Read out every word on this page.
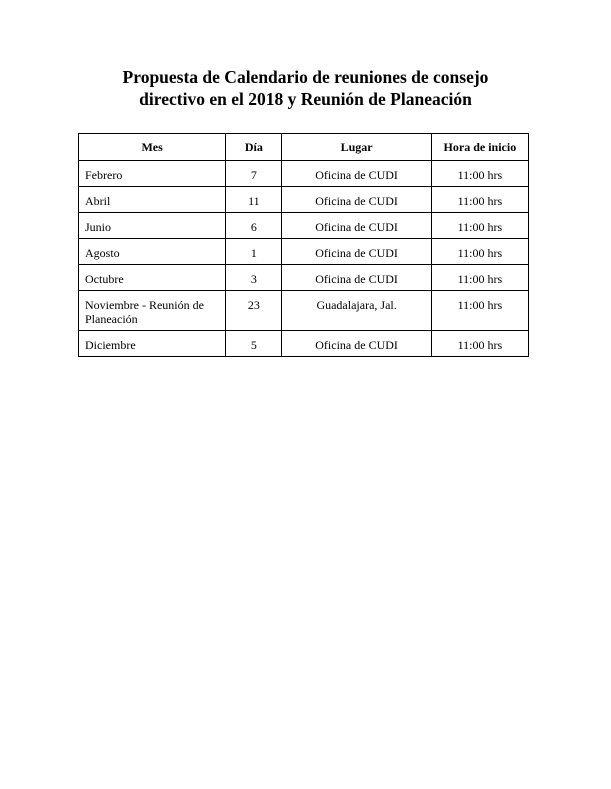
Propuesta de Calendario de reuniones de consejo
directivo en el 2018 y Reunión de Planeación
Mes	Día	Lugar	Hora de inicio
Febrero	7	Oficina de CUDI	11:00 hrs
Abril	11	Oficina de CUDI	11:00 hrs
Junio	6	Oficina de CUDI	11:00 hrs
Agosto	1	Oficina de CUDI	11:00 hrs
Octubre	3	Oficina de CUDI	11:00 hrs
Noviembre - Reunión de Planeación	23	Guadalajara, Jal.	11:00 hrs
Diciembre	5	Oficina de CUDI	11:00 hrs
